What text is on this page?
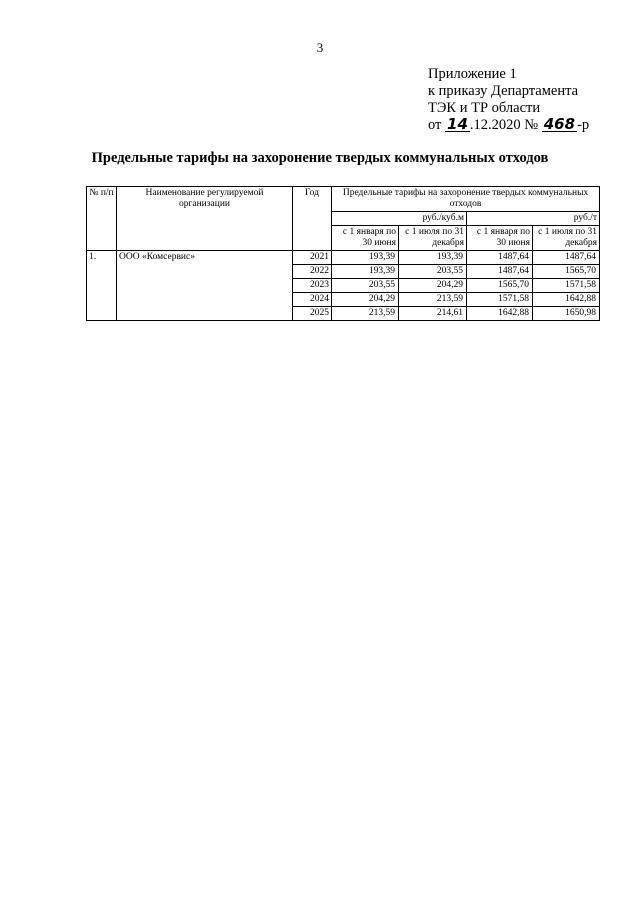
3
Приложение 1
к приказу Департамента
ТЭК и ТР области
от 14 .12.2020 № 468 -р
Предельные тарифы на захоронение твердых коммунальных отходов
№ п/п	Наименование регулируемой организации	Год	Предельные тарифы на захоронение твердых коммунальных отходов			
			руб./куб.м		руб./т	
			с 1 января по 30 июня	с 1 июля по 31 декабря	с 1 января по 30 июня	с 1 июля по 31 декабря
1.	ООО «Комсервис»	2021	193,39	193,39	1487,64	1487,64
		2022	193,39	203,55	1487,64	1565,70
		2023	203,55	204,29	1565,70	1571,58
		2024	204,29	213,59	1571,58	1642,88
		2025	213,59	214,61	1642,88	1650,98
